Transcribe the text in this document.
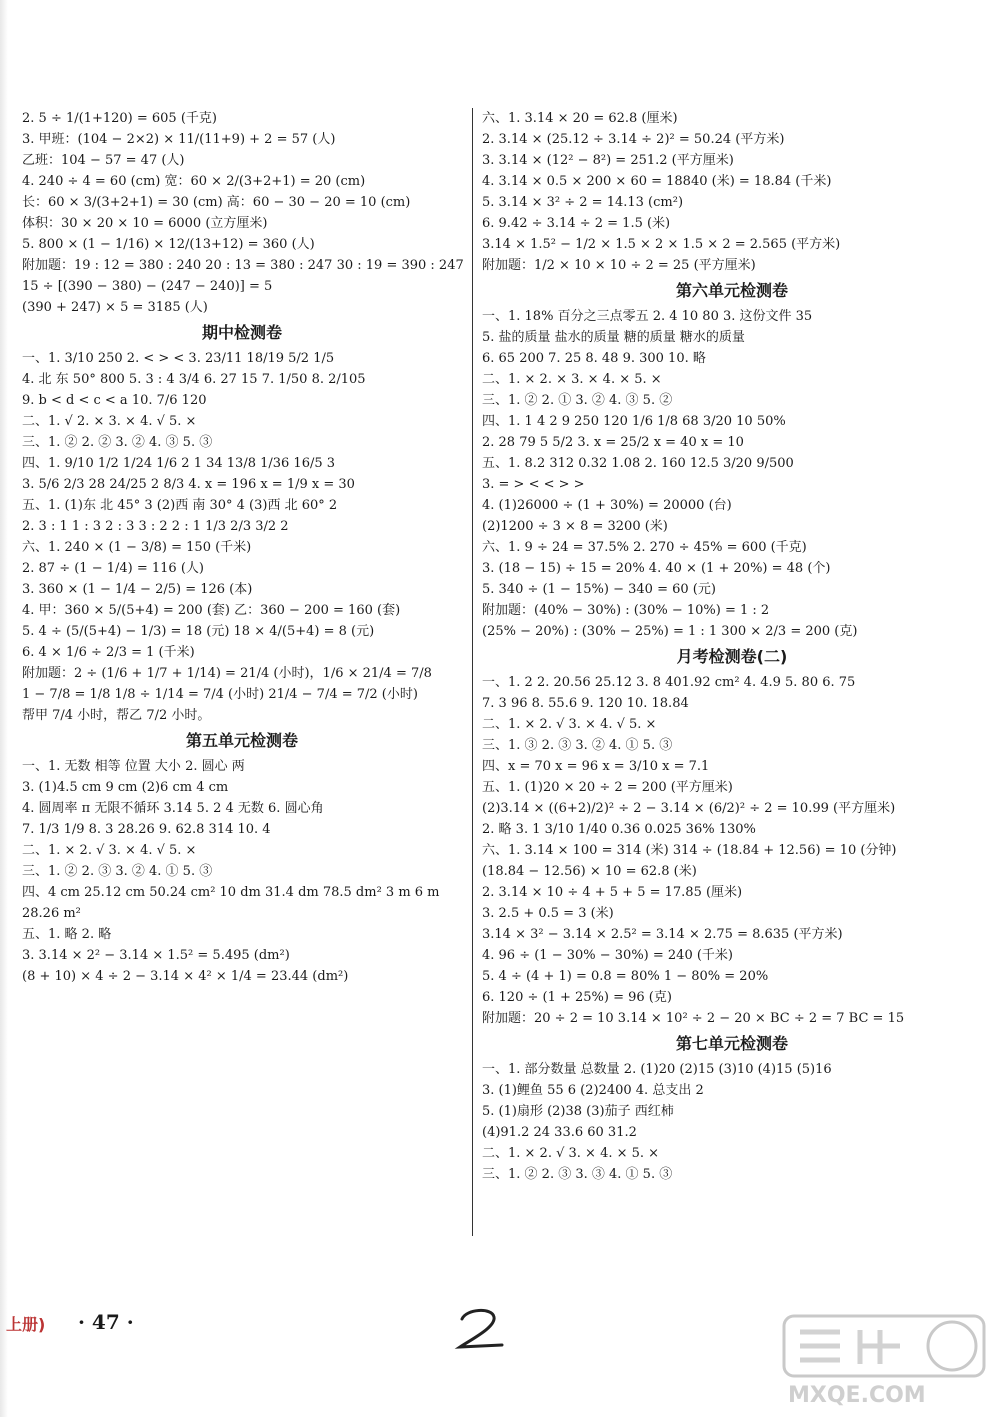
2. 5 ÷ 1/(1+120) = 605 (千克)
3. 甲班：(104 − 2×2) × 11/(11+9) + 2 = 57 (人)
乙班：104 − 57 = 47 (人)
4. 240 ÷ 4 = 60 (cm) 宽：60 × 2/(3+2+1) = 20 (cm)
长：60 × 3/(3+2+1) = 30 (cm) 高：60 − 30 − 20 = 10 (cm)
体积：30 × 20 × 10 = 6000 (立方厘米)
5. 800 × (1 − 1/16) × 12/(13+12) = 360 (人)
附加题：19 : 12 = 380 : 240 20 : 13 = 380 : 247 30 : 19 = 390 : 247
15 ÷ [(390 − 380) − (247 − 240)] = 5
(390 + 247) × 5 = 3185 (人)
期中检测卷
一、1. 3/10 250 2. < > < 3. 23/11 18/19 5/2 1/5
4. 北 东 50° 800 5. 3 : 4 3/4 6. 27 15 7. 1/50 8. 2/105
9. b < d < c < a 10. 7/6 120
二、1. √ 2. × 3. × 4. √ 5. ×
三、1. ② 2. ② 3. ② 4. ③ 5. ③
四、1. 9/10 1/2 1/24 1/6 2 1 34 13/8 1/36 16/5 3
3. 5/6 2/3 28 24/25 2 8/3 4. x = 196 x = 1/9 x = 30
五、1. (1)东 北 45° 3 (2)西 南 30° 4 (3)西 北 60° 2
2. 3 : 1 1 : 3 2 : 3 3 : 2 2 : 1 1/3 2/3 3/2 2
六、1. 240 × (1 − 3/8) = 150 (千米)
2. 87 ÷ (1 − 1/4) = 116 (人)
3. 360 × (1 − 1/4 − 2/5) = 126 (本)
4. 甲：360 × 5/(5+4) = 200 (套) 乙：360 − 200 = 160 (套)
5. 4 ÷ (5/(5+4) − 1/3) = 18 (元) 18 × 4/(5+4) = 8 (元)
6. 4 × 1/6 ÷ 2/3 = 1 (千米)
附加题：2 ÷ (1/6 + 1/7 + 1/14) = 21/4 (小时)，1/6 × 21/4 = 7/8
1 − 7/8 = 1/8 1/8 ÷ 1/14 = 7/4 (小时) 21/4 − 7/4 = 7/2 (小时)
帮甲 7/4 小时，帮乙 7/2 小时。
第五单元检测卷
一、1. 无数 相等 位置 大小 2. 圆心 两
3. (1)4.5 cm 9 cm (2)6 cm 4 cm
4. 圆周率 π 无限不循环 3.14 5. 2 4 无数 6. 圆心角
7. 1/3 1/9 8. 3 28.26 9. 62.8 314 10. 4
二、1. × 2. √ 3. × 4. √ 5. ×
三、1. ② 2. ③ 3. ② 4. ① 5. ③
四、4 cm 25.12 cm 50.24 cm² 10 dm 31.4 dm 78.5 dm² 3 m 6 m
28.26 m²
五、1. 略 2. 略
3. 3.14 × 2² − 3.14 × 1.5² = 5.495 (dm²)
(8 + 10) × 4 ÷ 2 − 3.14 × 4² × 1/4 = 23.44 (dm²)
六、1. 3.14 × 20 = 62.8 (厘米)
2. 3.14 × (25.12 ÷ 3.14 ÷ 2)² = 50.24 (平方米)
3. 3.14 × (12² − 8²) = 251.2 (平方厘米)
4. 3.14 × 0.5 × 200 × 60 = 18840 (米) = 18.84 (千米)
5. 3.14 × 3² ÷ 2 = 14.13 (cm²)
6. 9.42 ÷ 3.14 ÷ 2 = 1.5 (米)
3.14 × 1.5² − 1/2 × 1.5 × 2 × 1.5 × 2 = 2.565 (平方米)
附加题：1/2 × 10 × 10 ÷ 2 = 25 (平方厘米)
第六单元检测卷
一、1. 18% 百分之三点零五 2. 4 10 80 3. 这份文件 35
5. 盐的质量 盐水的质量 糖的质量 糖水的质量
6. 65 200 7. 25 8. 48 9. 300 10. 略
二、1. × 2. × 3. × 4. × 5. ×
三、1. ② 2. ① 3. ② 4. ③ 5. ②
四、1. 1 4 2 9 250 120 1/6 1/8 68 3/20 10 50%
2. 28 79 5 5/2 3. x = 25/2 x = 40 x = 10
五、1. 8.2 312 0.32 1.08 2. 160 12.5 3/20 9/500
3. = > < < > >
4. (1)26000 ÷ (1 + 30%) = 20000 (台)
(2)1200 ÷ 3 × 8 = 3200 (米)
六、1. 9 ÷ 24 = 37.5% 2. 270 ÷ 45% = 600 (千克)
3. (18 − 15) ÷ 15 = 20% 4. 40 × (1 + 20%) = 48 (个)
5. 340 ÷ (1 − 15%) − 340 = 60 (元)
附加题：(40% − 30%) : (30% − 10%) = 1 : 2
(25% − 20%) : (30% − 25%) = 1 : 1 300 × 2/3 = 200 (克)
月考检测卷(二)
一、1. 2 2. 20.56 25.12 3. 8 401.92 cm² 4. 4.9 5. 80 6. 75
7. 3 96 8. 55.6 9. 120 10. 18.84
二、1. × 2. √ 3. × 4. √ 5. ×
三、1. ③ 2. ③ 3. ② 4. ① 5. ③
四、x = 70 x = 96 x = 3/10 x = 7.1
五、1. (1)20 × 20 ÷ 2 = 200 (平方厘米)
(2)3.14 × ((6+2)/2)² ÷ 2 − 3.14 × (6/2)² ÷ 2 = 10.99 (平方厘米)
2. 略 3. 1 3/10 1/40 0.36 0.025 36% 130%
六、1. 3.14 × 100 = 314 (米) 314 ÷ (18.84 + 12.56) = 10 (分钟)
(18.84 − 12.56) × 10 = 62.8 (米)
2. 3.14 × 10 ÷ 4 + 5 + 5 = 17.85 (厘米)
3. 2.5 + 0.5 = 3 (米)
3.14 × 3² − 3.14 × 2.5² = 3.14 × 2.75 = 8.635 (平方米)
4. 96 ÷ (1 − 30% − 30%) = 240 (千米)
5. 4 ÷ (4 + 1) = 0.8 = 80% 1 − 80% = 20%
6. 120 ÷ (1 + 25%) = 96 (克)
附加题：20 ÷ 2 = 10 3.14 × 10² ÷ 2 − 20 × BC ÷ 2 = 7 BC = 15
第七单元检测卷
一、1. 部分数量 总数量 2. (1)20 (2)15 (3)10 (4)15 (5)16
3. (1)鲤鱼 55 6 (2)2400 4. 总支出 2
5. (1)扇形 (2)38 (3)茄子 西红柿
(4)91.2 24 33.6 60 31.2
二、1. × 2. √ 3. × 4. × 5. ×
三、1. ② 2. ③ 3. ③ 4. ① 5. ③
上册) · 47 ·
MXQE.COM
